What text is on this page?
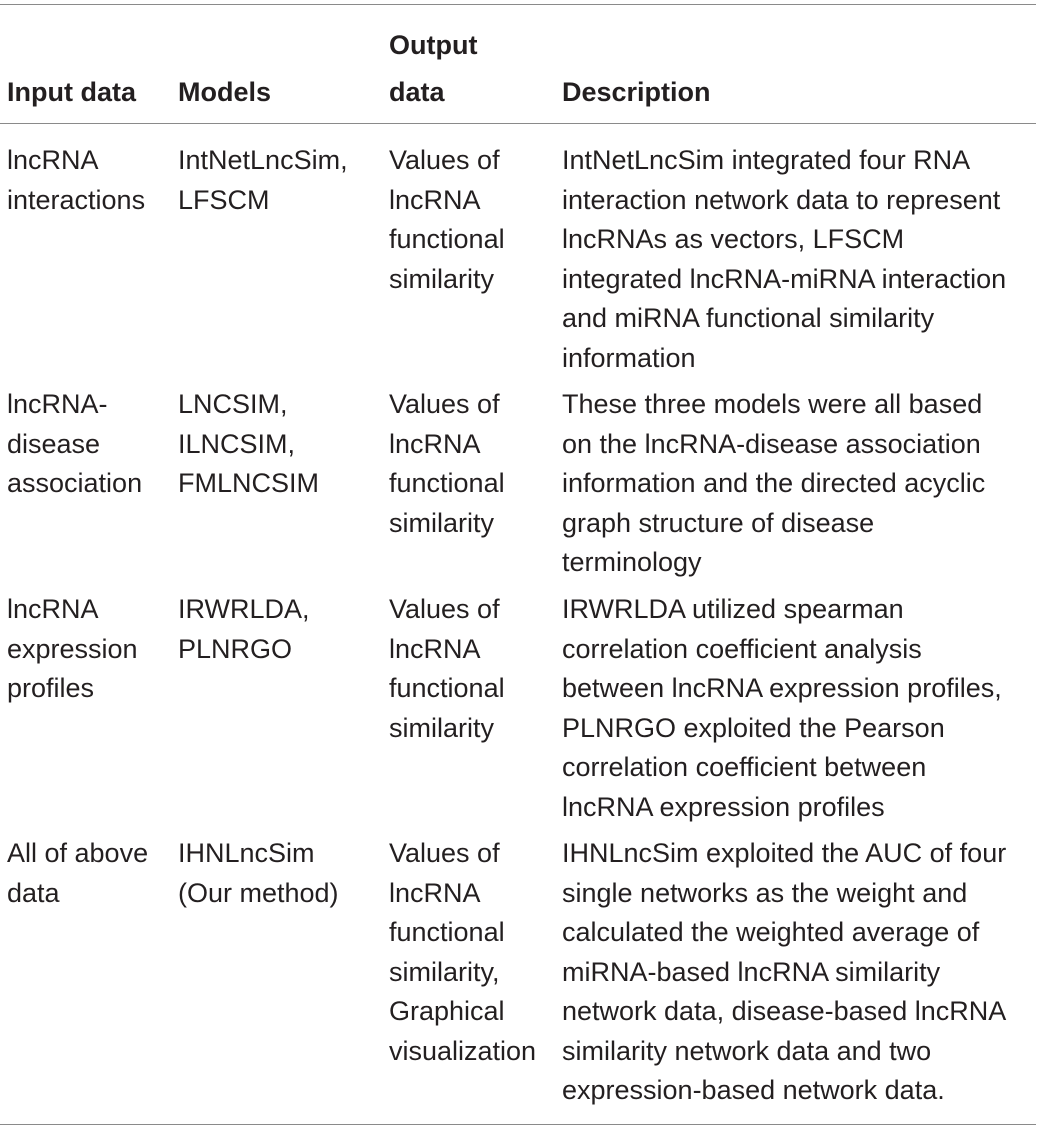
Input data	Models
Output
data	Description
lncRNA
interactions
IntNetLncSim,
LFSCM
Values of
lncRNA
functional
similarity
IntNetLncSim integrated four RNA
interaction network data to represent
lncRNAs as vectors, LFSCM
integrated lncRNA-miRNA interaction
and miRNA functional similarity
information
lncRNA-
disease
association
LNCSIM,
ILNCSIM,
FMLNCSIM
Values of
lncRNA
functional
similarity
These three models were all based
on the lncRNA-disease association
information and the directed acyclic
graph structure of disease
terminology
lncRNA
expression
profiles
IRWRLDA,
PLNRGO
Values of
lncRNA
functional
similarity
IRWRLDA utilized spearman
correlation coefficient analysis
between lncRNA expression profiles,
PLNRGO exploited the Pearson
correlation coefficient between
lncRNA expression profiles
All of above
data
IHNLncSim
(Our method)
Values of
lncRNA
functional
similarity,
Graphical
visualization
IHNLncSim exploited the AUC of four
single networks as the weight and
calculated the weighted average of
miRNA-based lncRNA similarity
network data, disease-based lncRNA
similarity network data and two
expression-based network data.
